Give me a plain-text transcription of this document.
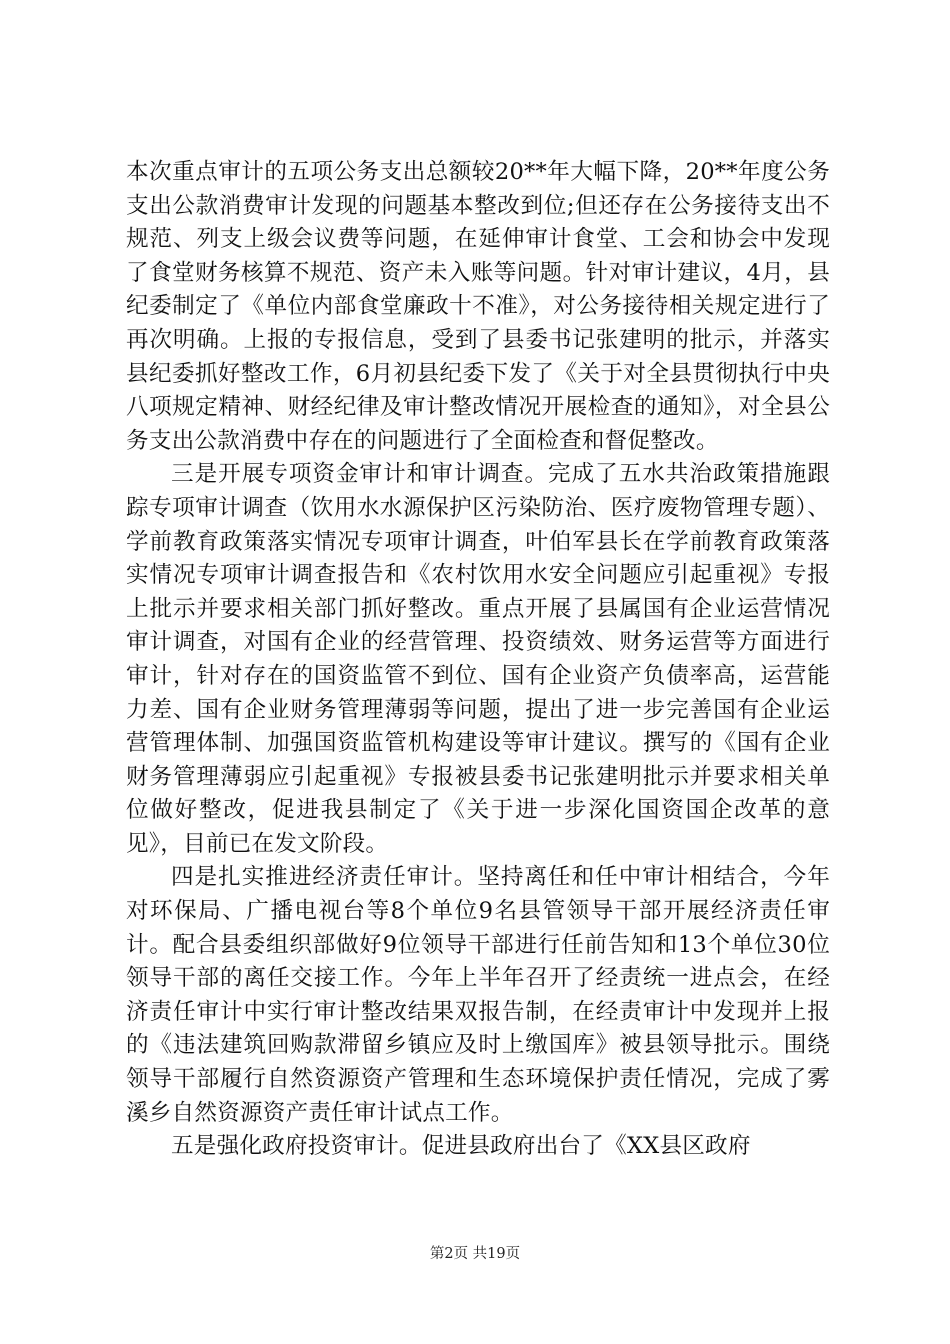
本次重点审计的五项公务支出总额较20**年大幅下降，20**年度公务支出公款消费审计发现的问题基本整改到位;但还存在公务接待支出不规范、列支上级会议费等问题，在延伸审计食堂、工会和协会中发现了食堂财务核算不规范、资产未入账等问题。针对审计建议，4月，县纪委制定了《单位内部食堂廉政十不准》，对公务接待相关规定进行了再次明确。上报的专报信息，受到了县委书记张建明的批示，并落实县纪委抓好整改工作，6月初县纪委下发了《关于对全县贯彻执行中央八项规定精神、财经纪律及审计整改情况开展检查的通知》，对全县公务支出公款消费中存在的问题进行了全面检查和督促整改。

三是开展专项资金审计和审计调查。完成了五水共治政策措施跟踪专项审计调查（饮用水水源保护区污染防治、医疗废物管理专题）、学前教育政策落实情况专项审计调查，叶伯军县长在学前教育政策落实情况专项审计调查报告和《农村饮用水安全问题应引起重视》专报上批示并要求相关部门抓好整改。重点开展了县属国有企业运营情况审计调查，对国有企业的经营管理、投资绩效、财务运营等方面进行审计，针对存在的国资监管不到位、国有企业资产负债率高，运营能力差、国有企业财务管理薄弱等问题，提出了进一步完善国有企业运营管理体制、加强国资监管机构建设等审计建议。撰写的《国有企业财务管理薄弱应引起重视》专报被县委书记张建明批示并要求相关单位做好整改，促进我县制定了《关于进一步深化国资国企改革的意见》，目前已在发文阶段。

四是扎实推进经济责任审计。坚持离任和任中审计相结合，今年对环保局、广播电视台等8个单位9名县管领导干部开展经济责任审计。配合县委组织部做好9位领导干部进行任前告知和13个单位30位领导干部的离任交接工作。今年上半年召开了经责统一进点会，在经济责任审计中实行审计整改结果双报告制，在经责审计中发现并上报的《违法建筑回购款滞留乡镇应及时上缴国库》被县领导批示。围绕领导干部履行自然资源资产管理和生态环境保护责任情况，完成了雾溪乡自然资源资产责任审计试点工作。

五是强化政府投资审计。促进县政府出台了《XX县区政府

第2页 共19页
